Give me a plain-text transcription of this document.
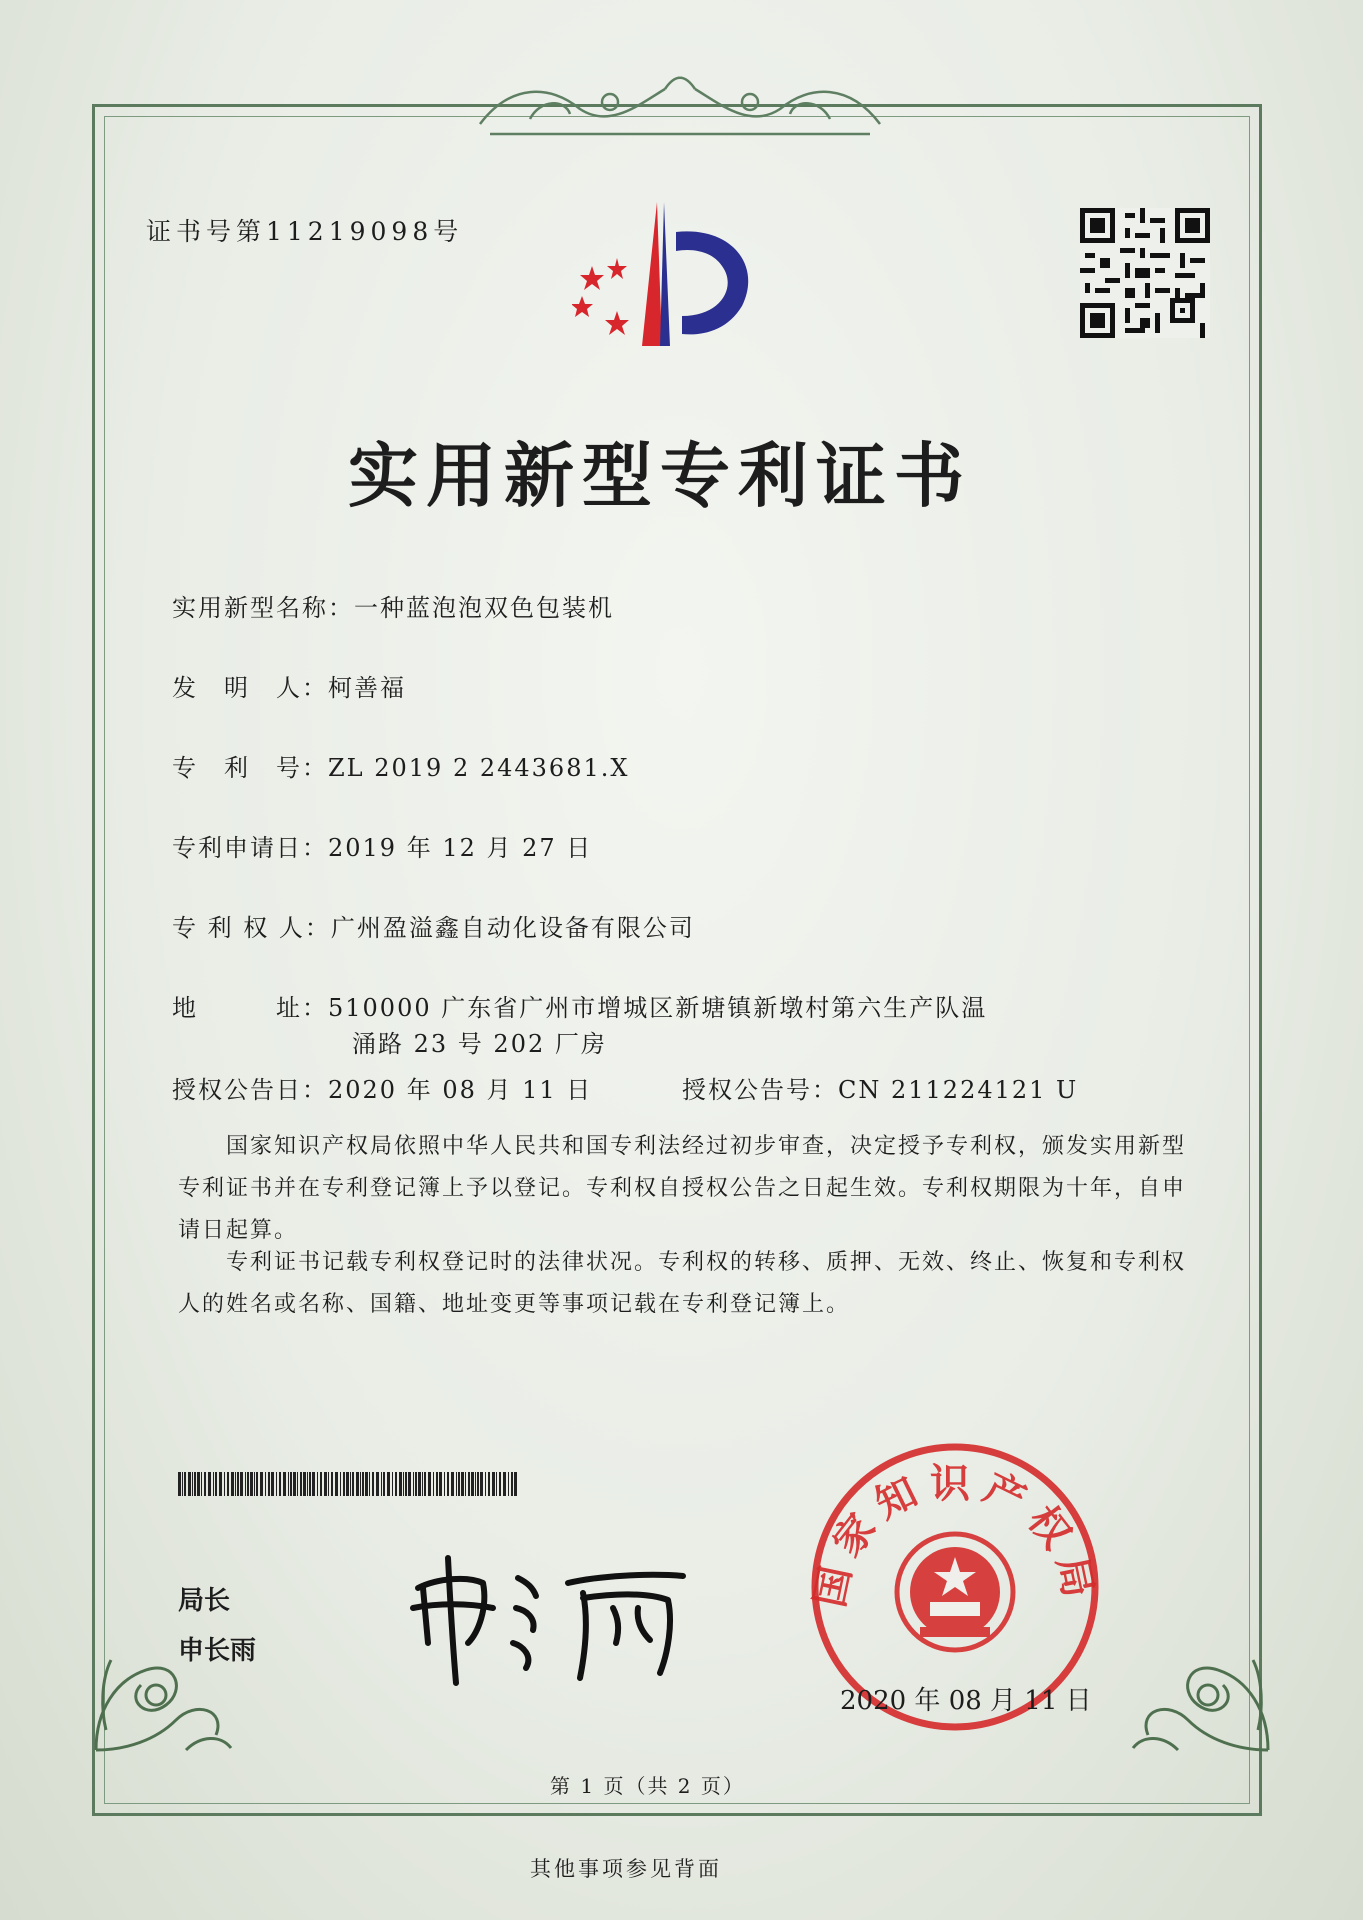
证书号第11219098号
实用新型专利证书
实用新型名称：一种蓝泡泡双色包装机
发　明　人：柯善福
专　利　号：ZL 2019 2 2443681.X
专利申请日：2019 年 12 月 27 日
专 利 权 人：广州盈溢鑫自动化设备有限公司
地　　　址：510000 广东省广州市增城区新塘镇新墩村第六生产队温
涌路 23 号 202 厂房
授权公告日：2020 年 08 月 11 日	授权公告号：CN 211224121 U
国家知识产权局依照中华人民共和国专利法经过初步审查，决定授予专利权，颁发实用新型专利证书并在专利登记簿上予以登记。专利权自授权公告之日起生效。专利权期限为十年，自申请日起算。
专利证书记载专利权登记时的法律状况。专利权的转移、质押、无效、终止、恢复和专利权人的姓名或名称、国籍、地址变更等事项记载在专利登记簿上。
局长
申长雨
国家知识产权局
2020 年 08 月 11 日
第 1 页（共 2 页）
其他事项参见背面
